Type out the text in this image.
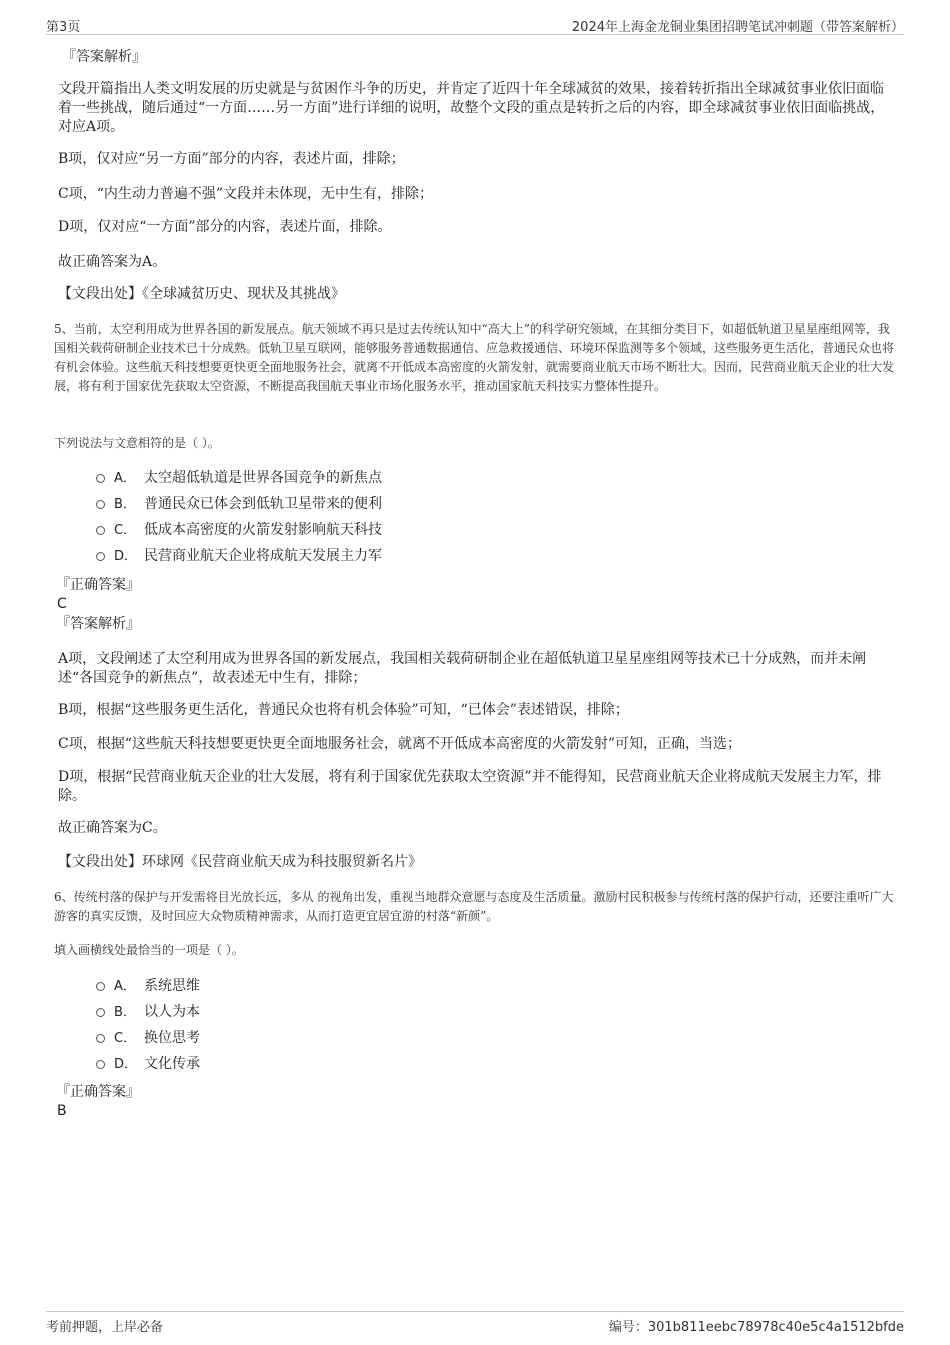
第3页	2024年上海金龙铜业集团招聘笔试冲刺题（带答案解析）
『答案解析』

文段开篇指出人类文明发展的历史就是与贫困作斗争的历史，并肯定了近四十年全球减贫的效果，接着转折指出全球减贫事业依旧面临着一些挑战，随后通过“一方面……另一方面”进行详细的说明，故整个文段的重点是转折之后的内容，即全球减贫事业依旧面临挑战，对应A项。

B项，仅对应“另一方面”部分的内容，表述片面，排除；

C项，“内生动力普遍不强”文段并未体现，无中生有，排除；

D项，仅对应“一方面”部分的内容，表述片面，排除。

故正确答案为A。

【文段出处】《全球减贫历史、现状及其挑战》

5、当前，太空利用成为世界各国的新发展点。航天领域不再只是过去传统认知中“高大上”的科学研究领域，在其细分类目下，如超低轨道卫星星座组网等，我国相关载荷研制企业技术已十分成熟。低轨卫星互联网，能够服务普通数据通信、应急救援通信、环境环保监测等多个领域，这些服务更生活化，普通民众也将有机会体验。这些航天科技想要更快更全面地服务社会，就离不开低成本高密度的火箭发射，就需要商业航天市场不断壮大。因而，民营商业航天企业的壮大发展，将有利于国家优先获取太空资源，不断提高我国航天事业市场化服务水平，推动国家航天科技实力整体性提升。

下列说法与文意相符的是（ ）。

A． 太空超低轨道是世界各国竞争的新焦点
B． 普通民众已体会到低轨卫星带来的便利
C． 低成本高密度的火箭发射影响航天科技
D． 民营商业航天企业将成航天发展主力军
『正确答案』
C
『答案解析』

A项，文段阐述了太空利用成为世界各国的新发展点，我国相关载荷研制企业在超低轨道卫星星座组网等技术已十分成熟，而并未阐述“各国竞争的新焦点”，故表述无中生有，排除；

B项，根据“这些服务更生活化，普通民众也将有机会体验”可知，“已体会”表述错误，排除；

C项，根据“这些航天科技想要更快更全面地服务社会，就离不开低成本高密度的火箭发射”可知，正确，当选；

D项，根据“民营商业航天企业的壮大发展，将有利于国家优先获取太空资源”并不能得知，民营商业航天企业将成航天发展主力军，排除。

故正确答案为C。

【文段出处】环球网《民营商业航天成为科技服贸新名片》

6、传统村落的保护与开发需将目光放长远，多从 的视角出发，重视当地群众意愿与态度及生活质量。激励村民积极参与传统村落的保护行动，还要注重听广大游客的真实反馈，及时回应大众物质精神需求，从而打造更宜居宜游的村落“新颜”。

填入画横线处最恰当的一项是（ ）。

A． 系统思维
B． 以人为本
C． 换位思考
D． 文化传承
『正确答案』
B
考前押题，上岸必备	编号：301b811eebc78978c40e5c4a1512bfde
